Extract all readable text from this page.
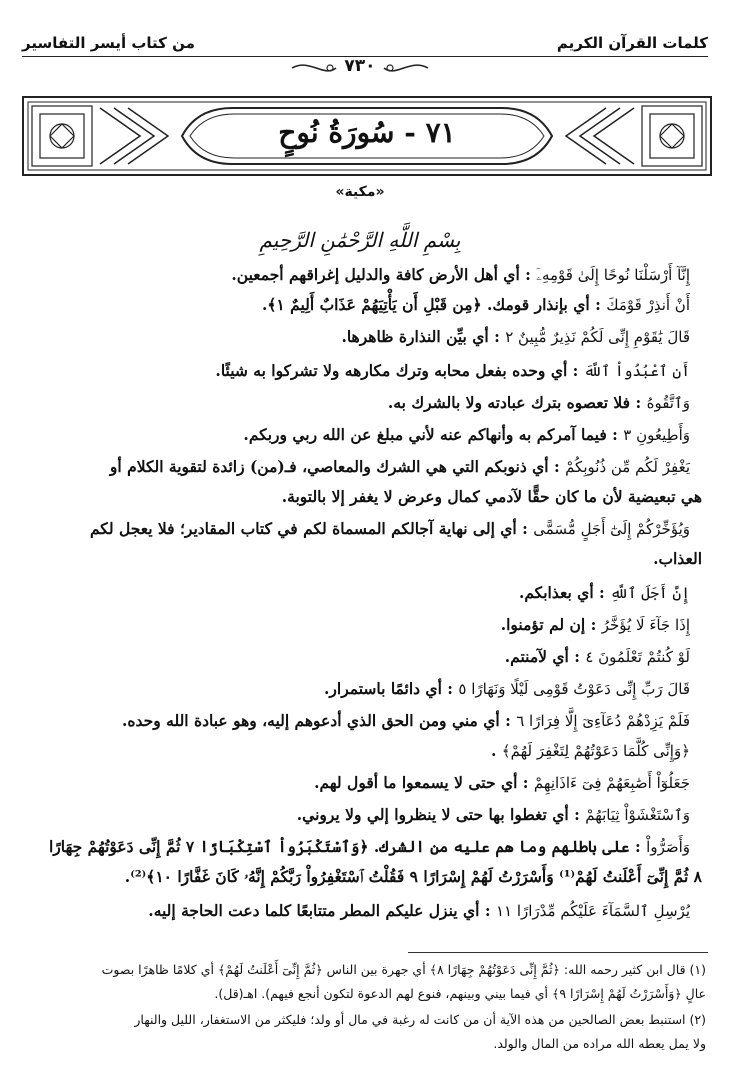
كلمات القرآن الكريم
من كتاب أيسر التفاسير
٧٣٠
٧١ - سُورَةُ نُوحٍ
«مكية»
بِسْمِ اللَّهِ الرَّحْمَٰنِ الرَّحِيمِ
إِنَّآ أَرْسَلْنَا نُوحًا إِلَىٰ قَوْمِهِۦٓ : أي أهل الأرض كافة والدليل إغراقهم أجمعين.
أَنْ أَنذِرْ قَوْمَكَ : أي بإنذار قومك. ﴿مِن قَبْلِ أَن يَأْتِيَهُمْ عَذَابٌ أَلِيمٌ ١﴾.
قَالَ يَٰقَوْمِ إِنِّى لَكُمْ نَذِيرٌ مُّبِينٌ ٢ : أي بيِّن النذارة ظاهرها.
أَنِ ٱعْبُدُواْ ٱللَّهَ : أي وحده بفعل محابه وترك مكارهه ولا تشركوا به شيئًا.
وَٱتَّقُوهُ : فلا تعصوه بترك عبادته ولا بالشرك به.
وَأَطِيعُونِ ٣ : فيما آمركم به وأنهاكم عنه لأني مبلغ عن الله ربي وربكم.
يَغْفِرْ لَكُم مِّن ذُنُوبِكُمْ : أي ذنوبكم التي هي الشرك والمعاصي، فـ(من) زائدة لتقوية الكلام أو
هي تبعيضية لأن ما كان حقًّا لآدمي كمال وعرض لا يغفر إلا بالتوبة.
وَيُؤَخِّرْكُمْ إِلَىٰٓ أَجَلٍ مُّسَمًّى : أي إلى نهاية آجالكم المسماة لكم في كتاب المقادير؛ فلا يعجل لكم
العذاب.
إِنَّ أَجَلَ ٱللَّهِ : أي بعذابكم.
إِذَا جَآءَ لَا يُؤَخَّرُ : إن لم تؤمنوا.
لَوْ كُنتُمْ تَعْلَمُونَ ٤ : أي لآمنتم.
قَالَ رَبِّ إِنِّى دَعَوْتُ قَوْمِى لَيْلًا وَنَهَارًا ٥ : أي دائمًا باستمرار.
فَلَمْ يَزِدْهُمْ دُعَآءِىٓ إِلَّا فِرَارًا ٦ : أي مني ومن الحق الذي أدعوهم إليه، وهو عبادة الله وحده.
﴿وَإِنِّى كُلَّمَا دَعَوْتُهُمْ لِتَغْفِرَ لَهُمْ﴾ .
جَعَلُوٓاْ أَصَٰبِعَهُمْ فِىٓ ءَاذَانِهِمْ : أي حتى لا يسمعوا ما أقول لهم.
وَٱسْتَغْشَوْاْ ثِيَابَهُمْ : أي تغطوا بها حتى لا ينظروا إلي ولا يروني.
وَأَصَرُّواْ : على باطلهم وما هم عليه من الشرك. ﴿وَٱسْتَكْبَرُواْ ٱسْتِكْبَارًا ٧ ثُمَّ إِنِّى دَعَوْتُهُمْ جِهَارًا
٨ ثُمَّ إِنِّىٓ أَعْلَنتُ لَهُمْ⁽¹⁾ وَأَسْرَرْتُ لَهُمْ إِسْرَارًا ٩ فَقُلْتُ ٱسْتَغْفِرُواْ رَبَّكُمْ إِنَّهُۥ كَانَ غَفَّارًا ١٠﴾⁽²⁾.
يُرْسِلِ ٱلسَّمَآءَ عَلَيْكُم مِّدْرَارًا ١١ : أي ينزل عليكم المطر متتابعًا كلما دعت الحاجة إليه.
(١) قال ابن كثير رحمه الله: ﴿ثُمَّ إِنِّى دَعَوْتُهُمْ جِهَارًا ٨﴾ أي جهرة بين الناس ﴿ثُمَّ إِنِّىٓ أَعْلَنتُ لَهُمْ﴾ أي كلامًا ظاهرًا بصوت
عالٍ ﴿وَأَسْرَرْتُ لَهُمْ إِسْرَارًا ٩﴾ أي فيما بيني وبينهم، فنوع لهم الدعوة لتكون أنجع فيهم). اهـ(قل).
(٢) استنبط بعض الصالحين من هذه الآية أن من كانت له رغبة في مال أو ولد؛ فليكثر من الاستغفار، الليل والنهار
ولا يمل يعطه الله مراده من المال والولد.
